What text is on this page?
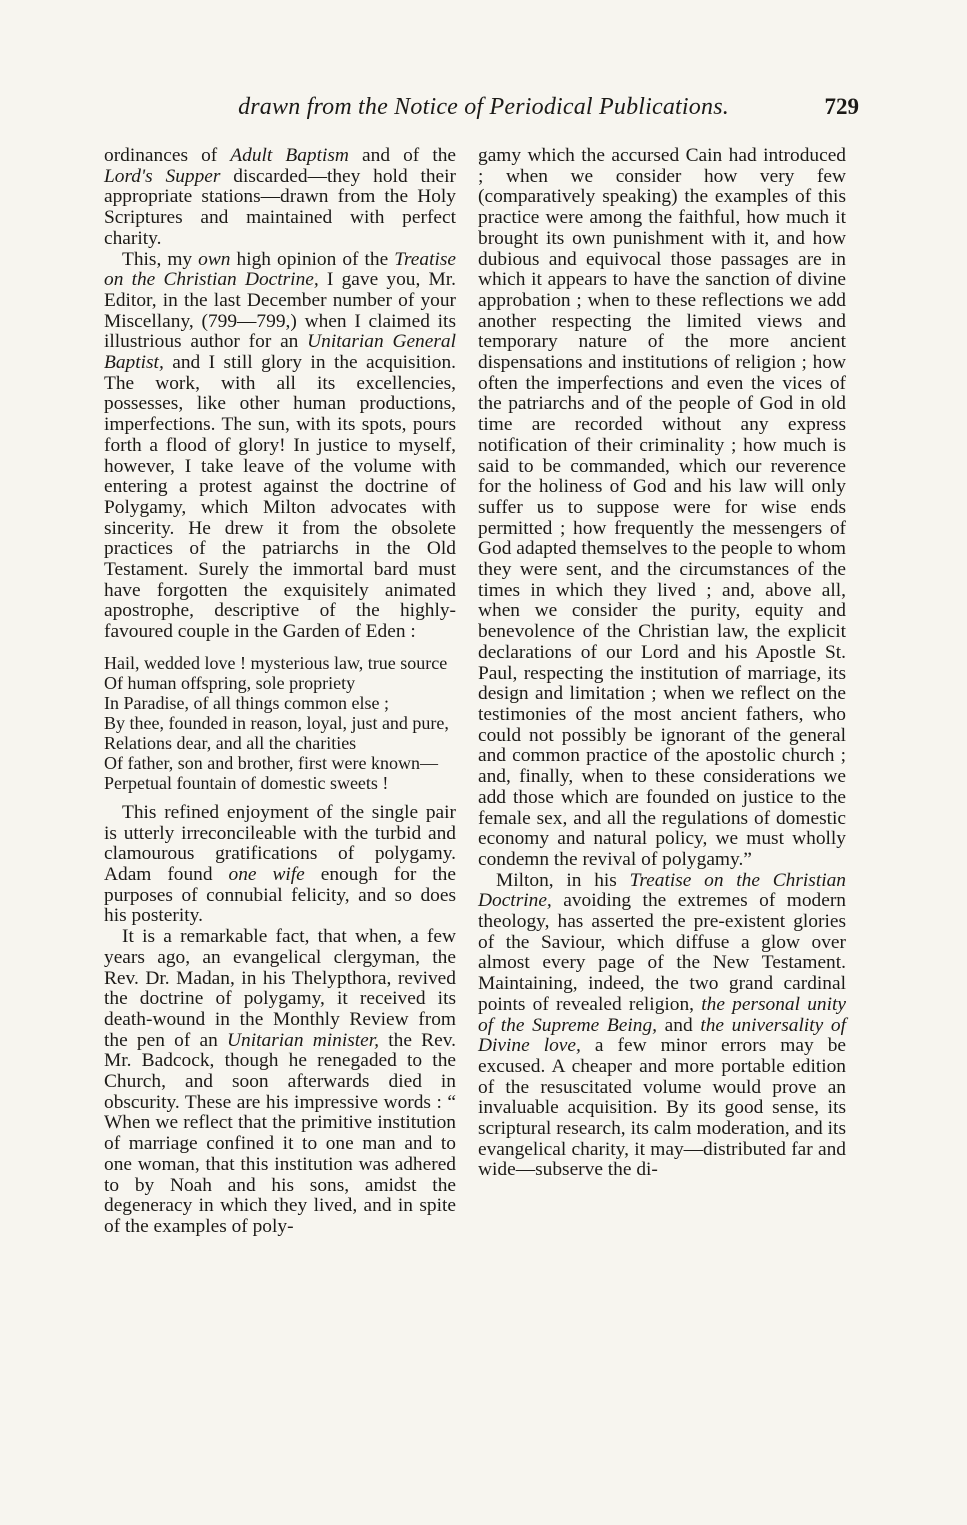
drawn from the Notice of Periodical Publications.	729

ordinances of Adult Baptism and of the Lord's Supper discarded—they hold their appropriate stations—drawn from the Holy Scriptures and maintained with perfect charity.

This, my own high opinion of the Treatise on the Christian Doctrine, I gave you, Mr. Editor, in the last December number of your Miscellany, (799—799,) when I claimed its illustrious author for an Unitarian General Baptist, and I still glory in the acquisition. The work, with all its excellencies, possesses, like other human productions, imperfections. The sun, with its spots, pours forth a flood of glory! In justice to myself, however, I take leave of the volume with entering a protest against the doctrine of Polygamy, which Milton advocates with sincerity. He drew it from the obsolete practices of the patriarchs in the Old Testament. Surely the immortal bard must have forgotten the exquisitely animated apostrophe, descriptive of the highly-favoured couple in the Garden of Eden :

Hail, wedded love ! mysterious law, true source
Of human offspring, sole propriety
In Paradise, of all things common else ;
By thee, founded in reason, loyal, just and pure,
Relations dear, and all the charities
Of father, son and brother, first were known—
Perpetual fountain of domestic sweets !

This refined enjoyment of the single pair is utterly irreconcileable with the turbid and clamourous gratifications of polygamy. Adam found one wife enough for the purposes of connubial felicity, and so does his posterity.

It is a remarkable fact, that when, a few years ago, an evangelical clergyman, the Rev. Dr. Madan, in his Thelypthora, revived the doctrine of polygamy, it received its death-wound in the Monthly Review from the pen of an Unitarian minister, the Rev. Mr. Badcock, though he renegaded to the Church, and soon afterwards died in obscurity. These are his impressive words : “ When we reflect that the primitive institution of marriage confined it to one man and to one woman, that this institution was adhered to by Noah and his sons, amidst the degeneracy in which they lived, and in spite of the examples of poly-

gamy which the accursed Cain had introduced ; when we consider how very few (comparatively speaking) the examples of this practice were among the faithful, how much it brought its own punishment with it, and how dubious and equivocal those passages are in which it appears to have the sanction of divine approbation ; when to these reflections we add another respecting the limited views and temporary nature of the more ancient dispensations and institutions of religion ; how often the imperfections and even the vices of the patriarchs and of the people of God in old time are recorded without any express notification of their criminality ; how much is said to be commanded, which our reverence for the holiness of God and his law will only suffer us to suppose were for wise ends permitted ; how frequently the messengers of God adapted themselves to the people to whom they were sent, and the circumstances of the times in which they lived ; and, above all, when we consider the purity, equity and benevolence of the Christian law, the explicit declarations of our Lord and his Apostle St. Paul, respecting the institution of marriage, its design and limitation ; when we reflect on the testimonies of the most ancient fathers, who could not possibly be ignorant of the general and common practice of the apostolic church ; and, finally, when to these considerations we add those which are founded on justice to the female sex, and all the regulations of domestic economy and natural policy, we must wholly condemn the revival of polygamy.”

Milton, in his Treatise on the Christian Doctrine, avoiding the extremes of modern theology, has asserted the pre-existent glories of the Saviour, which diffuse a glow over almost every page of the New Testament. Maintaining, indeed, the two grand cardinal points of revealed religion, the personal unity of the Supreme Being, and the universality of Divine love, a few minor errors may be excused. A cheaper and more portable edition of the resuscitated volume would prove an invaluable acquisition. By its good sense, its scriptural research, its calm moderation, and its evangelical charity, it may—distributed far and wide—subserve the di-
